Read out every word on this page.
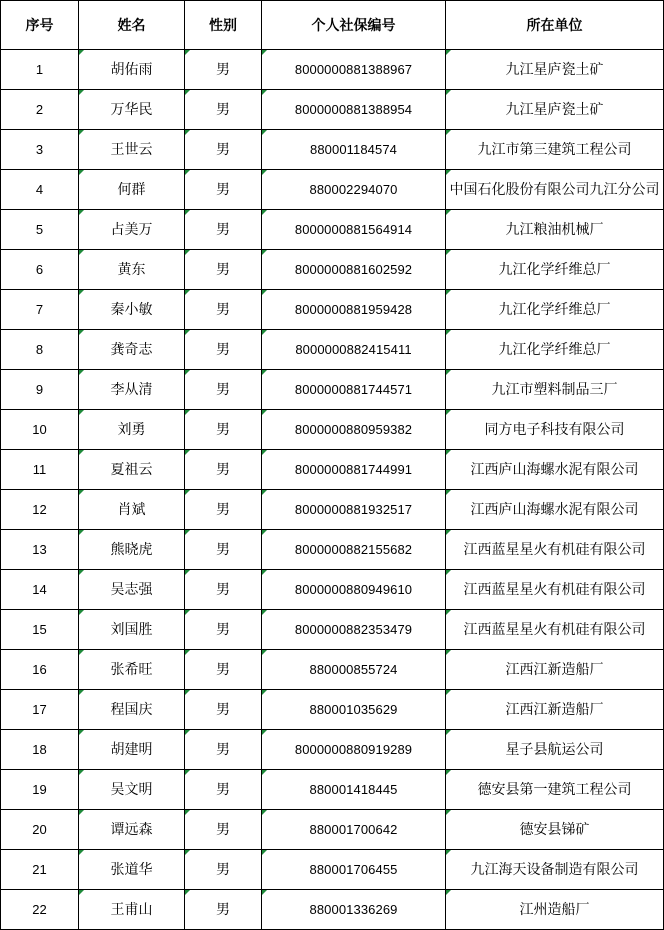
序号	姓名	性别	个人社保编号	所在单位
1	胡佑雨	男	8000000881388967	九江星庐瓷土矿
2	万华民	男	8000000881388954	九江星庐瓷土矿
3	王世云	男	880001184574	九江市第三建筑工程公司
4	何群	男	880002294070	中国石化股份有限公司九江分公司
5	占美万	男	8000000881564914	九江粮油机械厂
6	黄东	男	8000000881602592	九江化学纤维总厂
7	秦小敏	男	8000000881959428	九江化学纤维总厂
8	龚奇志	男	8000000882415411	九江化学纤维总厂
9	李从清	男	8000000881744571	九江市塑料制品三厂
10	刘勇	男	8000000880959382	同方电子科技有限公司
11	夏祖云	男	8000000881744991	江西庐山海螺水泥有限公司
12	肖斌	男	8000000881932517	江西庐山海螺水泥有限公司
13	熊晓虎	男	8000000882155682	江西蓝星星火有机硅有限公司
14	吴志强	男	8000000880949610	江西蓝星星火有机硅有限公司
15	刘国胜	男	8000000882353479	江西蓝星星火有机硅有限公司
16	张希旺	男	880000855724	江西江新造船厂
17	程国庆	男	880001035629	江西江新造船厂
18	胡建明	男	8000000880919289	星子县航运公司
19	吴文明	男	880001418445	德安县第一建筑工程公司
20	谭远森	男	880001700642	德安县锑矿
21	张道华	男	880001706455	九江海天设备制造有限公司
22	王甫山	男	880001336269	江州造船厂
